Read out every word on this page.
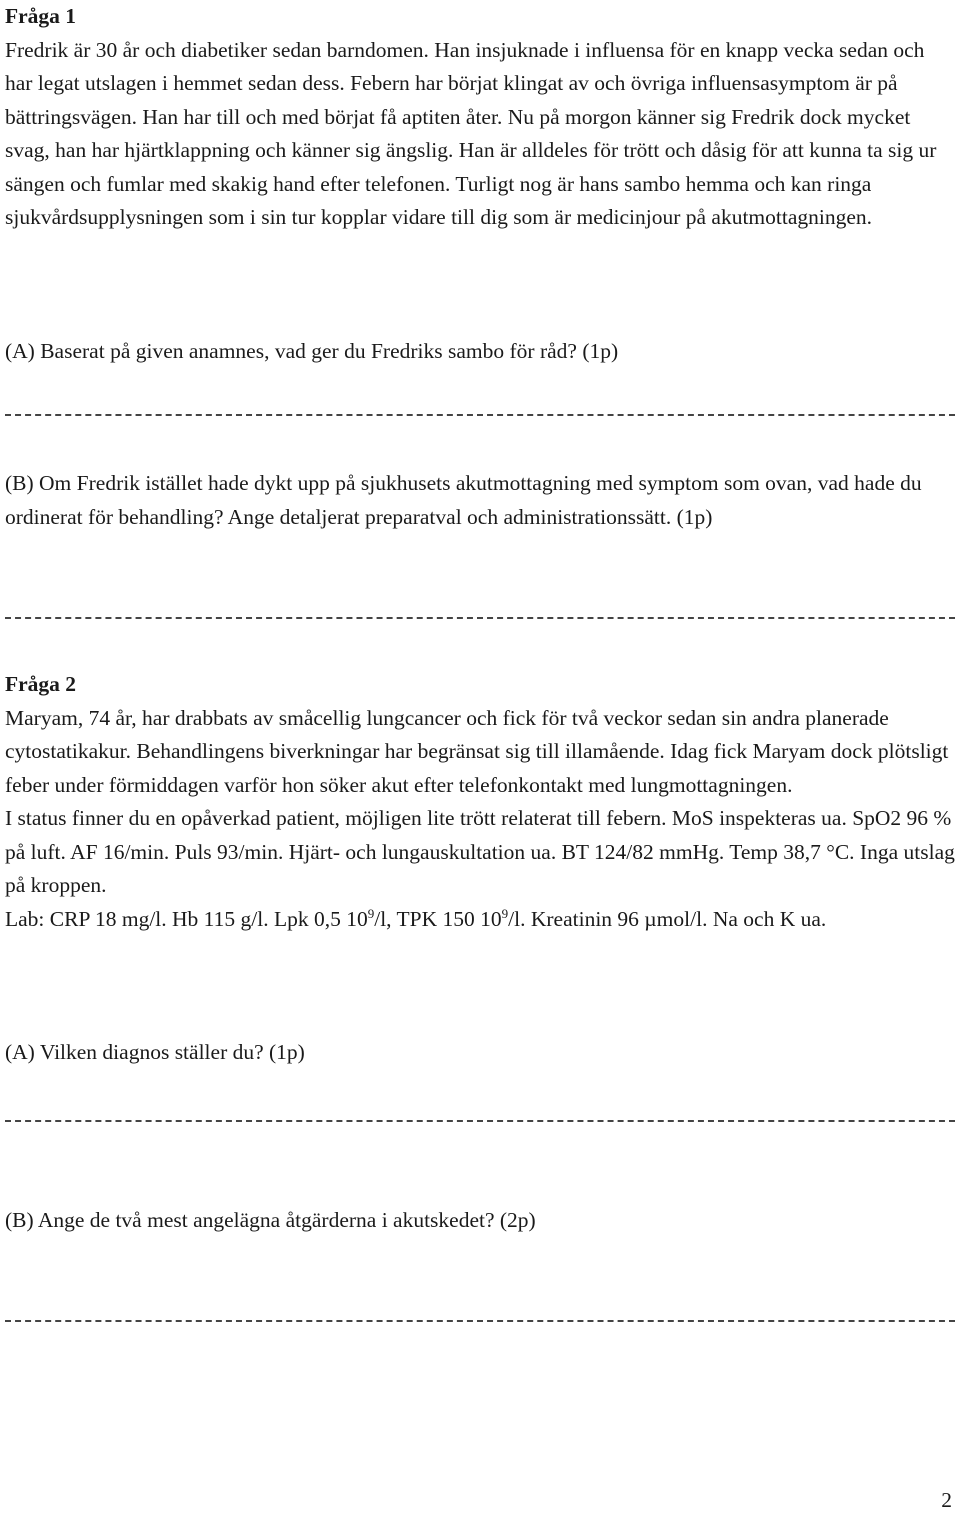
Fråga 1

Fredrik är 30 år och diabetiker sedan barndomen. Han insjuknade i influensa för en knapp vecka sedan och har legat utslagen i hemmet sedan dess. Febern har börjat klingat av och övriga influensasymptom är på bättringsvägen. Han har till och med börjat få aptiten åter. Nu på morgon känner sig Fredrik dock mycket svag, han har hjärtklappning och känner sig ängslig. Han är alldeles för trött och dåsig för att kunna ta sig ur sängen och fumlar med skakig hand efter telefonen. Turligt nog är hans sambo hemma och kan ringa sjukvårdsupplysningen som i sin tur kopplar vidare till dig som är medicinjour på akutmottagningen.

(A) Baserat på given anamnes, vad ger du Fredriks sambo för råd? (1p)

(B) Om Fredrik istället hade dykt upp på sjukhusets akutmottagning med symptom som ovan, vad hade du ordinerat för behandling? Ange detaljerat preparatval och administrationssätt. (1p)

Fråga 2

Maryam, 74 år, har drabbats av småcellig lungcancer och fick för två veckor sedan sin andra planerade cytostatikakur. Behandlingens biverkningar har begränsat sig till illamående. Idag fick Maryam dock plötsligt feber under förmiddagen varför hon söker akut efter telefonkontakt med lungmottagningen.

I status finner du en opåverkad patient, möjligen lite trött relaterat till febern. MoS inspekteras ua. SpO2 96 % på luft. AF 16/min. Puls 93/min. Hjärt- och lungauskultation ua. BT 124/82 mmHg. Temp 38,7 °C. Inga utslag på kroppen.

Lab: CRP 18 mg/l. Hb 115 g/l. Lpk 0,5 $10^9/l$, TPK 150 $10^9/l$. Kreatinin 96 µmol/l. Na och K ua.

(A) Vilken diagnos ställer du? (1p)

(B) Ange de två mest angelägna åtgärderna i akutskedet? (2p)

2
